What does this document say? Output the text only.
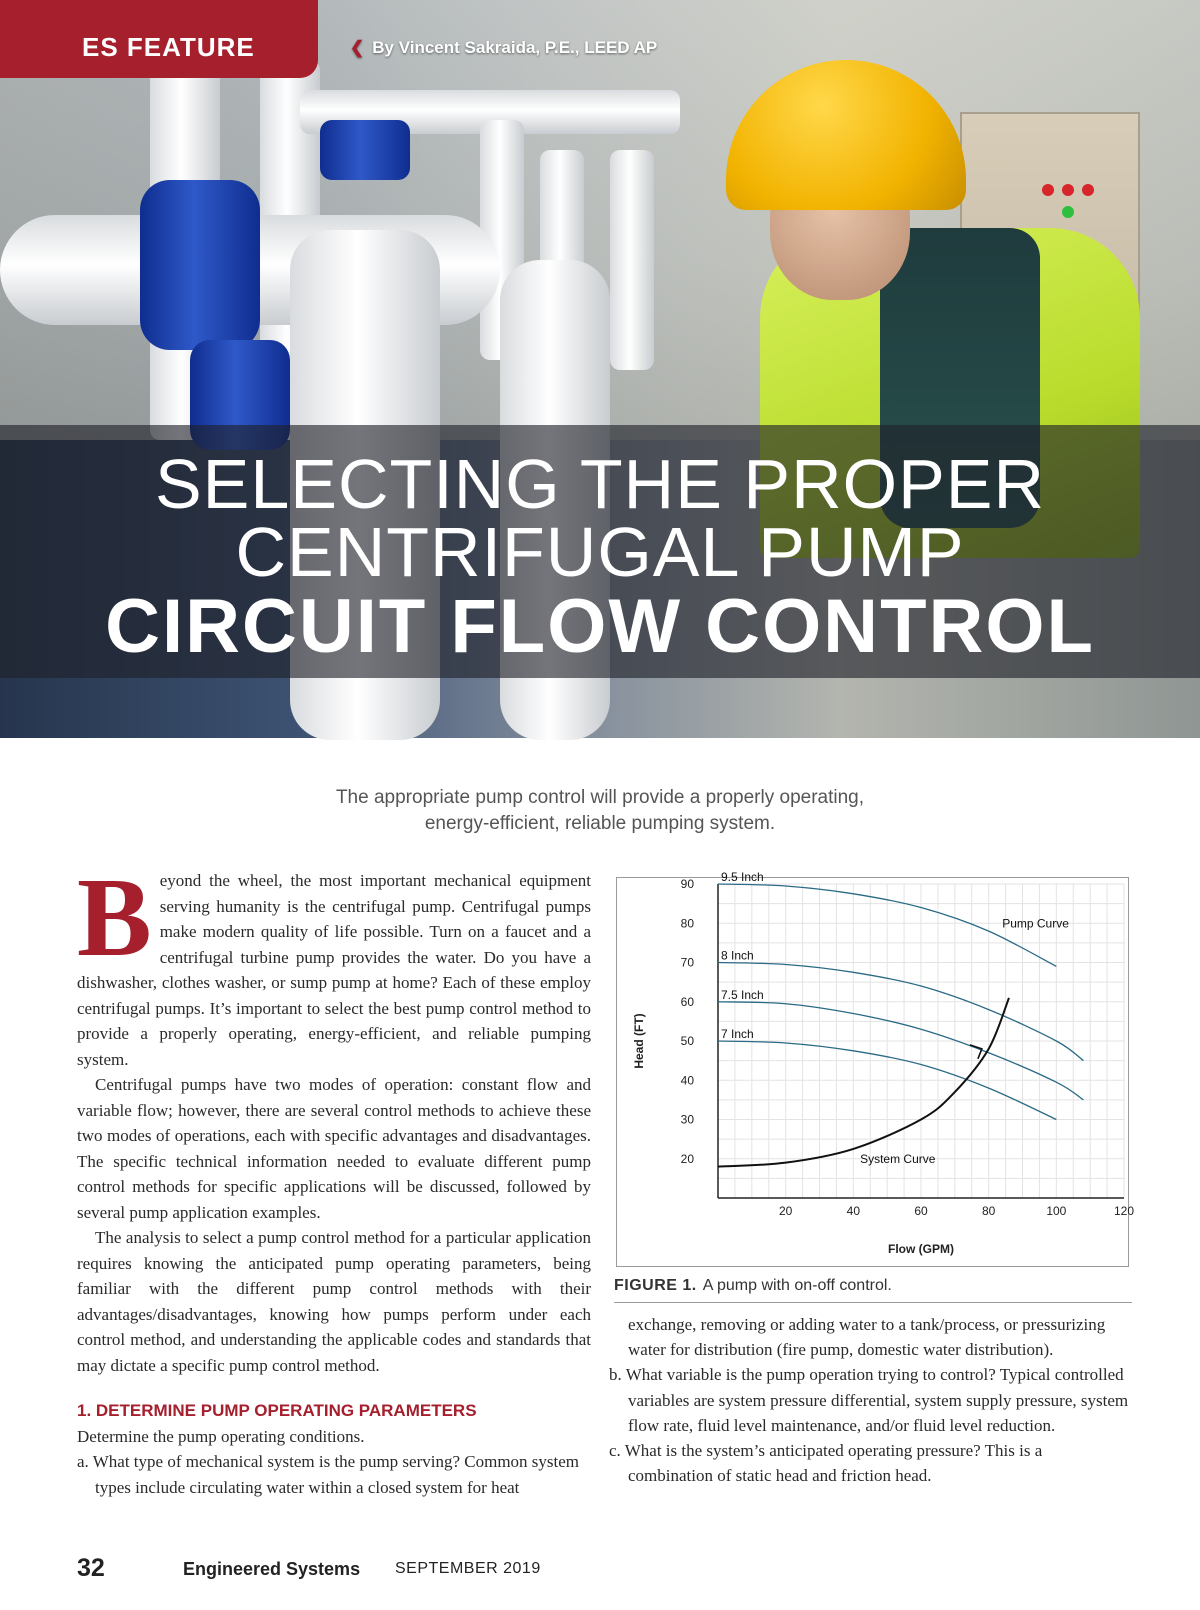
ES FEATURE	❮ By Vincent Sakraida, P.E., LEED AP
SELECTING THE PROPER
CENTRIFUGAL PUMP
CIRCUIT FLOW CONTROL
The appropriate pump control will provide a properly operating,
energy-efficient, reliable pumping system.

Beyond the wheel, the most important mechanical equipment serving humanity is the centrifugal pump. Centrifugal pumps make modern quality of life possible. Turn on a faucet and a centrifugal turbine pump provides the water. Do you have a dishwasher, clothes washer, or sump pump at home? Each of these employ centrifugal pumps. It’s important to select the best pump control method to provide a properly operating, energy-efficient, and reliable pumping system.

Centrifugal pumps have two modes of operation: constant flow and variable flow; however, there are several control methods to achieve these two modes of operations, each with specific advantages and disadvantages. The specific technical information needed to evaluate different pump control methods for specific applications will be discussed, followed by several pump application examples.

The analysis to select a pump control method for a particular application requires knowing the anticipated pump operating parameters, being familiar with the different pump control methods with their advantages/disadvantages, knowing how pumps perform under each control method, and understanding the applicable codes and standards that may dictate a specific pump control method.

1. DETERMINE PUMP OPERATING PARAMETERS

Determine the pump operating conditions.

a. What type of mechanical system is the pump serving? Common system types include circulating water within a closed system for heat

90
80
70
60
50
40
30
20
20	40	60	80	100	120
Flow (GPM)
Head (FT)
9.5 Inch
8 Inch
7.5 Inch
7 Inch
Pump Curve
System Curve
FIGURE 1. A pump with on-off control.

exchange, removing or adding water to a tank/process, or pressurizing water for distribution (fire pump, domestic water distribution).

b. What variable is the pump operation trying to control? Typical controlled variables are system pressure differential, system supply pressure, system flow rate, fluid level maintenance, and/or fluid level reduction.

c. What is the system’s anticipated operating pressure? This is a combination of static head and friction head.

32	Engineered Systems SEPTEMBER 2019
